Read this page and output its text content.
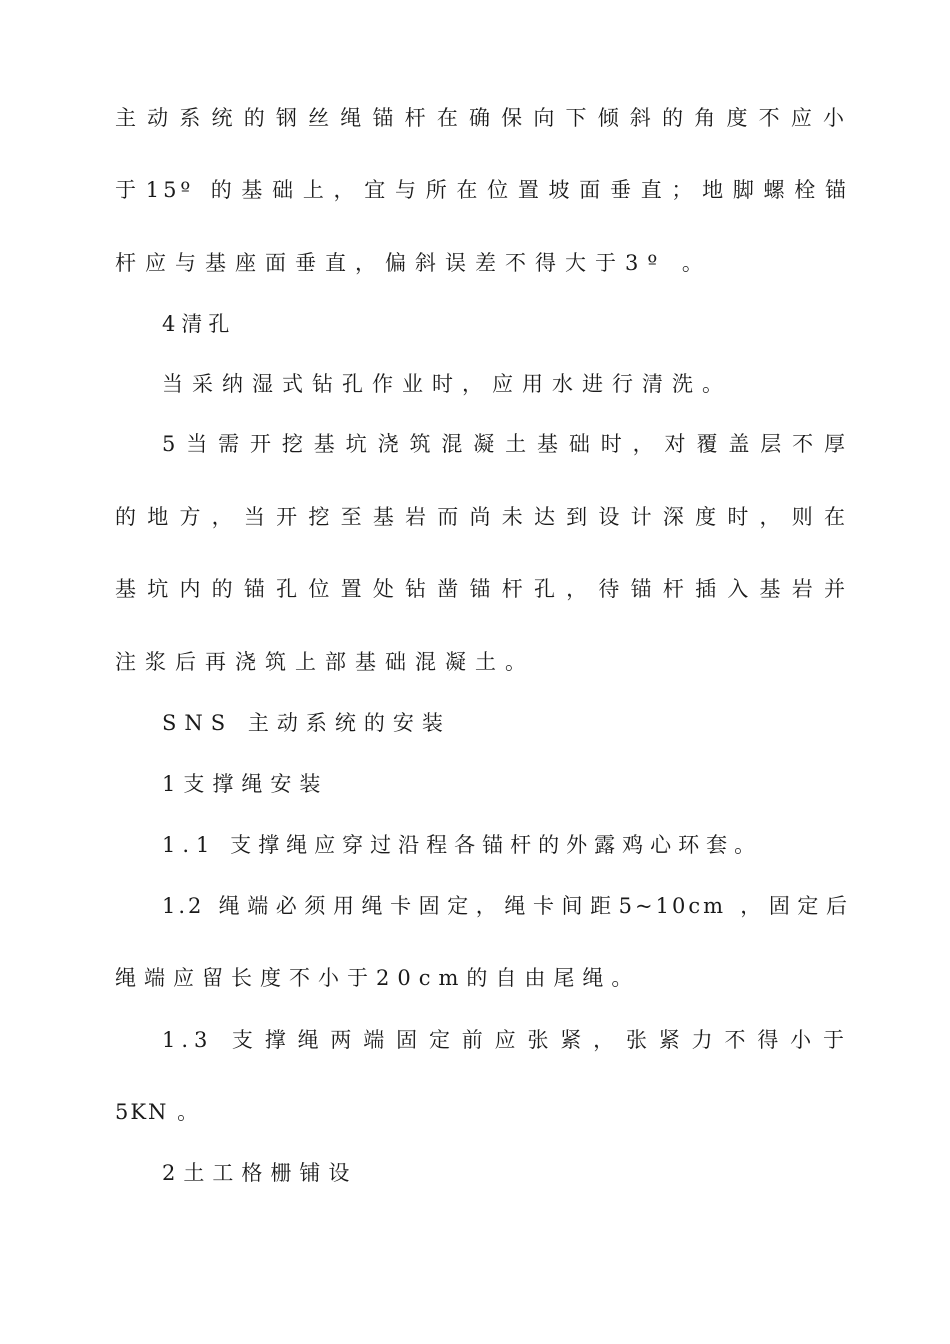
主动系统的钢丝绳锚杆在确保向下倾斜的角度不应小

于15º 的基础上，宜与所在位置坡面垂直；地脚螺栓锚

杆应与基座面垂直，偏斜误差不得大于3º 。

4清孔

当采纳湿式钻孔作业时，应用水进行清洗。

5当需开挖基坑浇筑混凝土基础时，对覆盖层不厚

的地方，当开挖至基岩而尚未达到设计深度时，则在

基坑内的锚孔位置处钻凿锚杆孔，待锚杆插入基岩并

注浆后再浇筑上部基础混凝土。

SNS 主动系统的安装

1支撑绳安装

1.1 支撑绳应穿过沿程各锚杆的外露鸡心环套。

1.2 绳端必须用绳卡固定，绳卡间距5~10cm ，固定后

绳端应留长度不小于20cm的自由尾绳。

1.3 支撑绳两端固定前应张紧，张紧力不得小于

5KN 。

2土工格栅铺设
